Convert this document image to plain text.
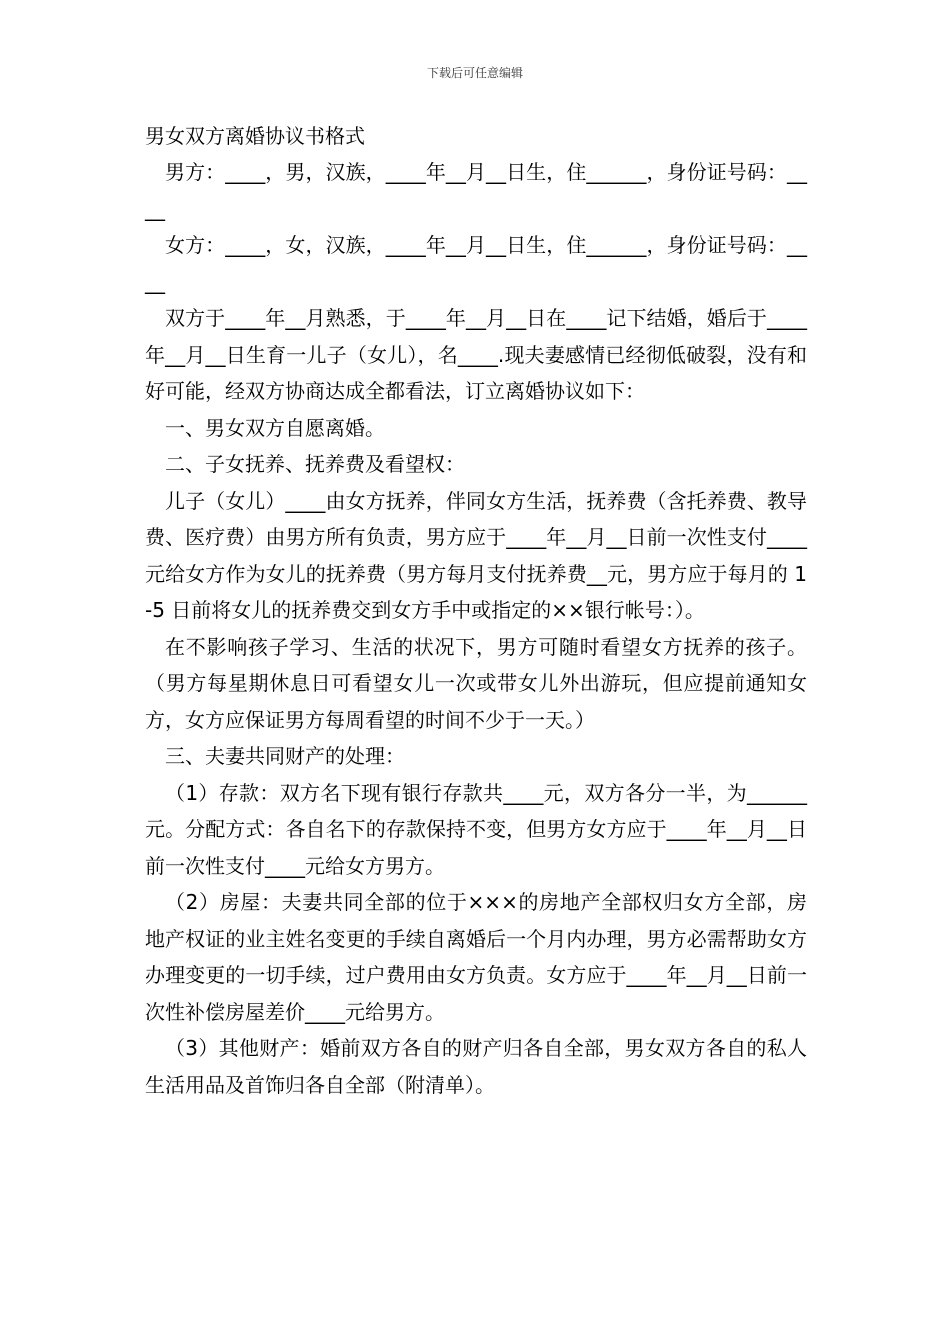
下载后可任意编辑
男女双方离婚协议书格式

男方：____，男，汉族，____年__月__日生，住______，身份证号码：____

女方：____，女，汉族，____年__月__日生，住______，身份证号码：____

双方于____年__月熟悉，于____年__月__日在____记下结婚，婚后于____年__月__日生育一儿子（女儿），名____.现夫妻感情已经彻低破裂，没有和好可能，经双方协商达成全都看法，订立离婚协议如下：

一、男女双方自愿离婚。

二、子女抚养、抚养费及看望权：

儿子（女儿）____由女方抚养，伴同女方生活，抚养费（含托养费、教导费、医疗费）由男方所有负责，男方应于____年__月__日前一次性支付____元给女方作为女儿的抚养费（男方每月支付抚养费__元，男方应于每月的 1-5 日前将女儿的抚养费交到女方手中或指定的××银行帐号：）。

在不影响孩子学习、生活的状况下，男方可随时看望女方抚养的孩子。（男方每星期休息日可看望女儿一次或带女儿外出游玩，但应提前通知女方，女方应保证男方每周看望的时间不少于一天。）

三、夫妻共同财产的处理：

（1）存款：双方名下现有银行存款共____元，双方各分一半，为______元。分配方式：各自名下的存款保持不变，但男方女方应于____年__月__日前一次性支付____元给女方男方。

（2）房屋：夫妻共同全部的位于×××的房地产全部权归女方全部，房地产权证的业主姓名变更的手续自离婚后一个月内办理，男方必需帮助女方办理变更的一切手续，过户费用由女方负责。女方应于____年__月__日前一次性补偿房屋差价____元给男方。

（3）其他财产：婚前双方各自的财产归各自全部，男女双方各自的私人生活用品及首饰归各自全部（附清单）。
